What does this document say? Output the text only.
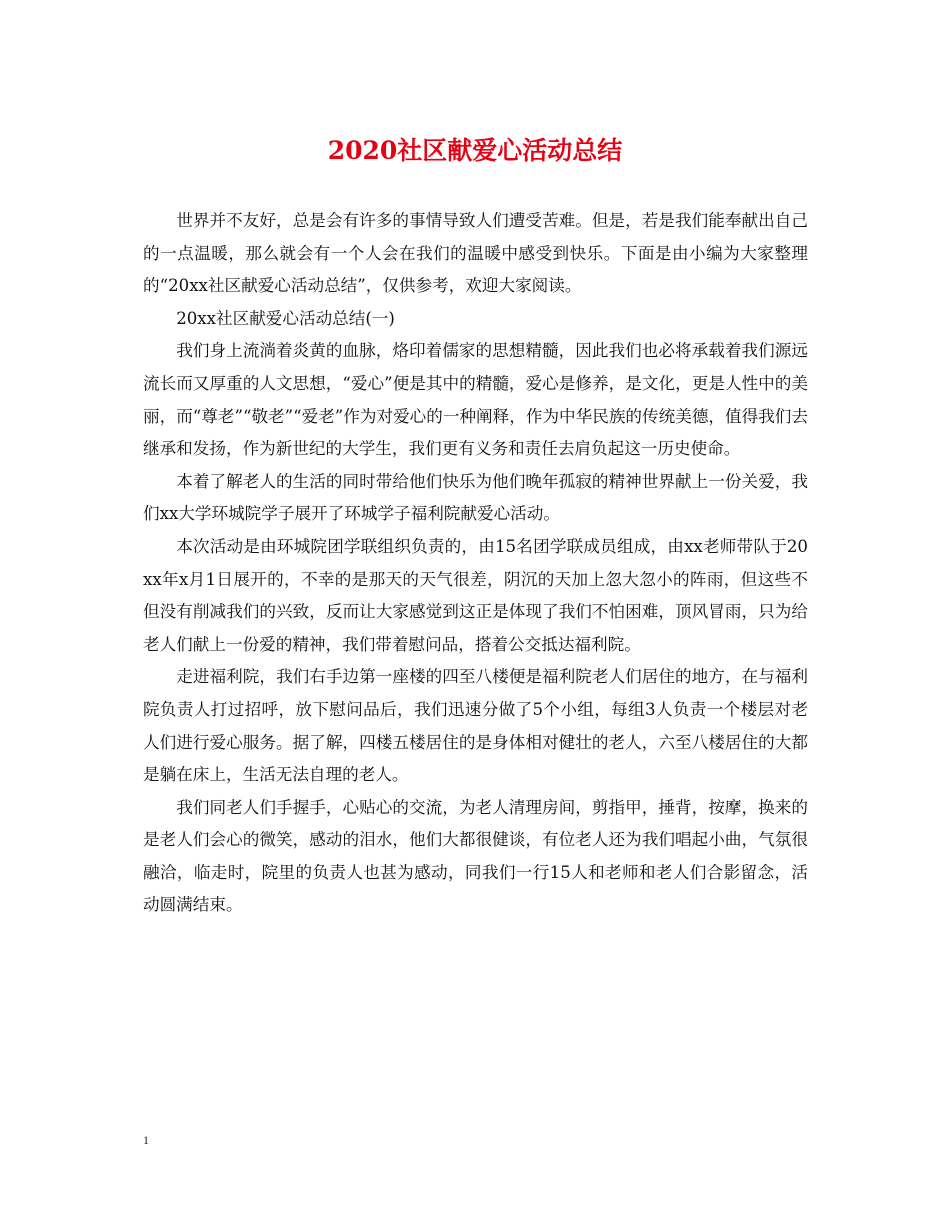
2020社区献爱心活动总结

世界并不友好，总是会有许多的事情导致人们遭受苦难。但是，若是我们能奉献出自己的一点温暖，那么就会有一个人会在我们的温暖中感受到快乐。下面是由小编为大家整理的“20xx社区献爱心活动总结”，仅供参考，欢迎大家阅读。

20xx社区献爱心活动总结(一)

我们身上流淌着炎黄的血脉，烙印着儒家的思想精髓，因此我们也必将承载着我们源远流长而又厚重的人文思想，“爱心”便是其中的精髓，爱心是修养，是文化，更是人性中的美丽，而“尊老”“敬老”“爱老”作为对爱心的一种阐释，作为中华民族的传统美德，值得我们去继承和发扬，作为新世纪的大学生，我们更有义务和责任去肩负起这一历史使命。

本着了解老人的生活的同时带给他们快乐为他们晚年孤寂的精神世界献上一份关爱，我们xx大学环城院学子展开了环城学子福利院献爱心活动。

本次活动是由环城院团学联组织负责的，由15名团学联成员组成，由xx老师带队于20xx年x月1日展开的，不幸的是那天的天气很差，阴沉的天加上忽大忽小的阵雨，但这些不但没有削减我们的兴致，反而让大家感觉到这正是体现了我们不怕困难，顶风冒雨，只为给老人们献上一份爱的精神，我们带着慰问品，搭着公交抵达福利院。

走进福利院，我们右手边第一座楼的四至八楼便是福利院老人们居住的地方，在与福利院负责人打过招呼，放下慰问品后，我们迅速分做了5个小组，每组3人负责一个楼层对老人们进行爱心服务。据了解，四楼五楼居住的是身体相对健壮的老人，六至八楼居住的大都是躺在床上，生活无法自理的老人。

我们同老人们手握手，心贴心的交流，为老人清理房间，剪指甲，捶背，按摩，换来的是老人们会心的微笑，感动的泪水，他们大都很健谈，有位老人还为我们唱起小曲，气氛很融洽，临走时，院里的负责人也甚为感动，同我们一行15人和老师和老人们合影留念，活动圆满结束。

1
